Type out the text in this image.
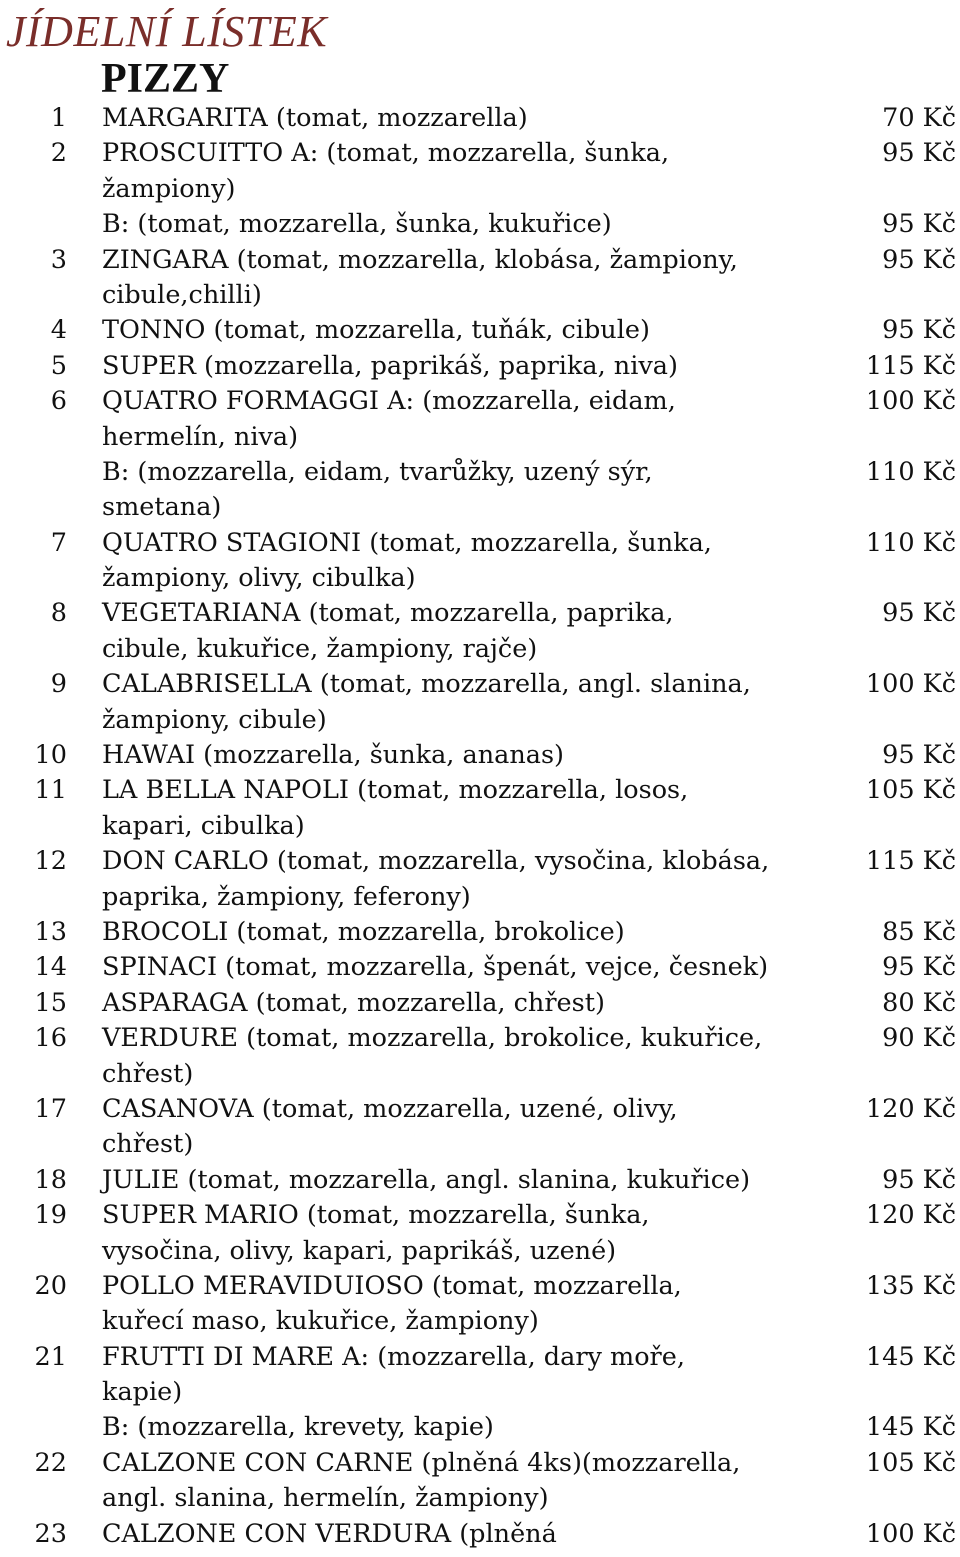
JÍDELNÍ LÍSTEK
PIZZY
1 MARGARITA (tomat, mozzarella)	70 Kč
2 PROSCUITTO A: (tomat, mozzarella, šunka,	95 Kč
žampiony)
B: (tomat, mozzarella, šunka, kukuřice)	95 Kč
3 ZINGARA (tomat, mozzarella, klobása, žampiony,	95 Kč
cibule,chilli)
4 TONNO (tomat, mozzarella, tuňák, cibule)	95 Kč
5 SUPER (mozzarella, paprikáš, paprika, niva)	115 Kč
6 QUATRO FORMAGGI A: (mozzarella, eidam,	100 Kč
hermelín, niva)
B: (mozzarella, eidam, tvarůžky, uzený sýr,	110 Kč
smetana)
7 QUATRO STAGIONI (tomat, mozzarella, šunka,	110 Kč
žampiony, olivy, cibulka)
8 VEGETARIANA (tomat, mozzarella, paprika,	95 Kč
cibule, kukuřice, žampiony, rajče)
9 CALABRISELLA (tomat, mozzarella, angl. slanina,	100 Kč
žampiony, cibule)
10 HAWAI (mozzarella, šunka, ananas)	95 Kč
11 LA BELLA NAPOLI (tomat, mozzarella, losos,	105 Kč
kapari, cibulka)
12 DON CARLO (tomat, mozzarella, vysočina, klobása,	115 Kč
paprika, žampiony, feferony)
13 BROCOLI (tomat, mozzarella, brokolice)	85 Kč
14 SPINACI (tomat, mozzarella, špenát, vejce, česnek)	95 Kč
15 ASPARAGA (tomat, mozzarella, chřest)	80 Kč
16 VERDURE (tomat, mozzarella, brokolice, kukuřice,	90 Kč
chřest)
17 CASANOVA (tomat, mozzarella, uzené, olivy,	120 Kč
chřest)
18 JULIE (tomat, mozzarella, angl. slanina, kukuřice)	95 Kč
19 SUPER MARIO (tomat, mozzarella, šunka,	120 Kč
vysočina, olivy, kapari, paprikáš, uzené)
20 POLLO MERAVIDUIOSO (tomat, mozzarella,	135 Kč
kuřecí maso, kukuřice, žampiony)
21 FRUTTI DI MARE A: (mozzarella, dary moře,	145 Kč
kapie)
B: (mozzarella, krevety, kapie)	145 Kč
22 CALZONE CON CARNE (plněná 4ks)(mozzarella,	105 Kč
angl. slanina, hermelín, žampiony)
23 CALZONE CON VERDURA (plněná	100 Kč
